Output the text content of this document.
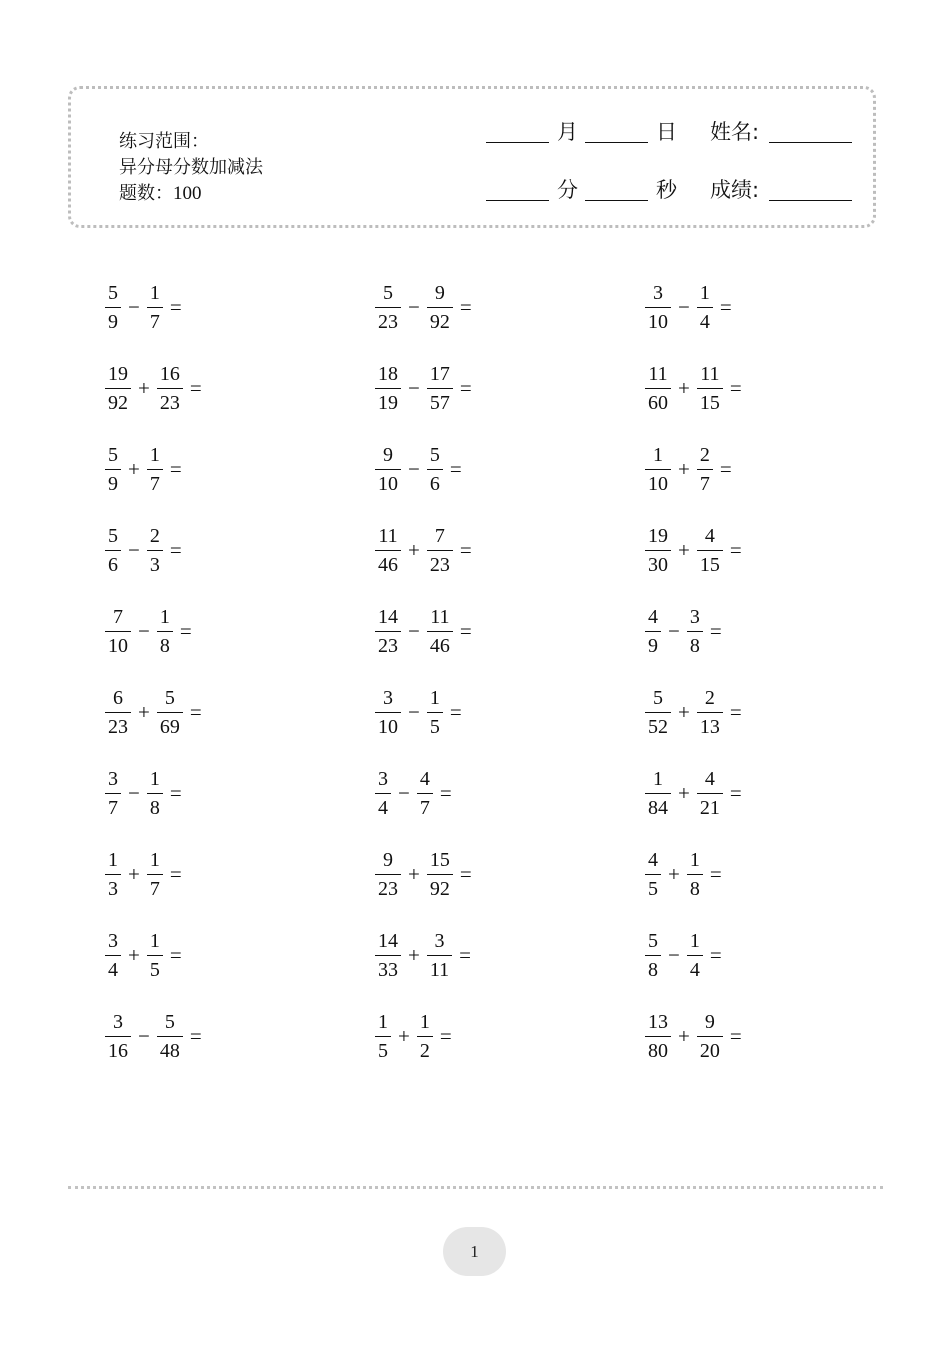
练习范围：
异分母分数加减法
题数：100
月	日 姓名:
分	秒 成绩:
$\frac{5}{9} - \frac{1}{7}$ =	$\frac{5}{23} - \frac{9}{92}$ =	$\frac{3}{10} - \frac{1}{4}$ =
$\frac{19}{92} + \frac{16}{23}$ =	$\frac{18}{19} - \frac{17}{57}$ =	$\frac{11}{60} + \frac{11}{15}$ =
$\frac{5}{9} + \frac{1}{7}$ =	$\frac{9}{10} - \frac{5}{6}$ =	$\frac{1}{10} + \frac{2}{7}$ =
$\frac{5}{6} - \frac{2}{3}$ =	$\frac{11}{46} + \frac{7}{23}$ =	$\frac{19}{30} + \frac{4}{15}$ =
$\frac{7}{10} - \frac{1}{8}$ =	$\frac{14}{23} - \frac{11}{46}$ =	$\frac{4}{9} - \frac{3}{8}$ =
$\frac{6}{23} + \frac{5}{69}$ =	$\frac{3}{10} - \frac{1}{5}$ =	$\frac{5}{52} + \frac{2}{13}$ =
$\frac{3}{7} - \frac{1}{8}$ =	$\frac{3}{4} - \frac{4}{7}$ =	$\frac{1}{84} + \frac{4}{21}$ =
$\frac{1}{3} + \frac{1}{7}$ =	$\frac{9}{23} + \frac{15}{92}$ =	$\frac{4}{5} + \frac{1}{8}$ =
$\frac{3}{4} + \frac{1}{5}$ =	$\frac{14}{33} + \frac{3}{11}$ =	$\frac{5}{8} - \frac{1}{4}$ =
$\frac{3}{16} - \frac{5}{48}$ =	$\frac{1}{5} + \frac{1}{2}$ =	$\frac{13}{80} + \frac{9}{20}$ =
1
